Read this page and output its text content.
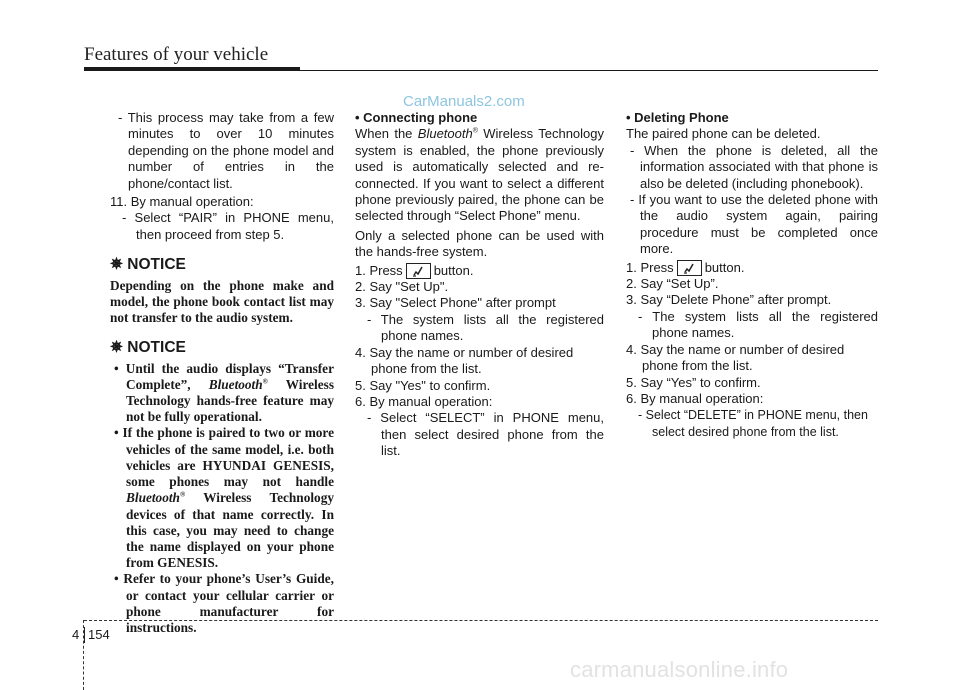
Features of your vehicle
CarManuals2.com

- This process may take from a few minutes to over 10 minutes depending on the phone model and number of entries in the phone/contact list.

11. By manual operation:

- Select “PAIR” in PHONE menu, then proceed from step 5.

✵ NOTICE

Depending on the phone make and model, the phone book contact list may not transfer to the audio system.

✵ NOTICE

• Until the audio displays “Transfer Complete”, Bluetooth® Wireless Technology hands-free feature may not be fully operational.

• If the phone is paired to two or more vehicles of the same model, i.e. both vehicles are HYUNDAI GENESIS, some phones may not handle Bluetooth® Wireless Technology devices of that name correctly. In this case, you may need to change the name displayed on your phone from GENESIS.

• Refer to your phone’s User’s Guide, or contact your cellular carrier or phone manufacturer for instructions.

• Connecting phone

When the Bluetooth® Wireless Technology system is enabled, the phone previously used is automatically selected and re-connected. If you want to select a different phone previously paired, the phone can be selected through “Select Phone” menu.

Only a selected phone can be used with the hands-free system.

1. Press button.

2. Say "Set Up".

3. Say "Select Phone" after prompt

- The system lists all the registered phone names.

4. Say the name or number of desired phone from the list.

5. Say "Yes" to confirm.

6. By manual operation:

- Select “SELECT” in PHONE menu, then select desired phone from the list.

• Deleting Phone

The paired phone can be deleted.

- When the phone is deleted, all the information associated with that phone is also be deleted (including phonebook).

- If you want to use the deleted phone with the audio system again, pairing procedure must be completed once more.

1. Press button.

2. Say “Set Up”.

3. Say “Delete Phone” after prompt.

- The system lists all the registered phone names.

4. Say the name or number of desired phone from the list.

5. Say “Yes” to confirm.

6. By manual operation:

- Select “DELETE” in PHONE menu, then select desired phone from the list.

4 154
carmanualsonline.info
